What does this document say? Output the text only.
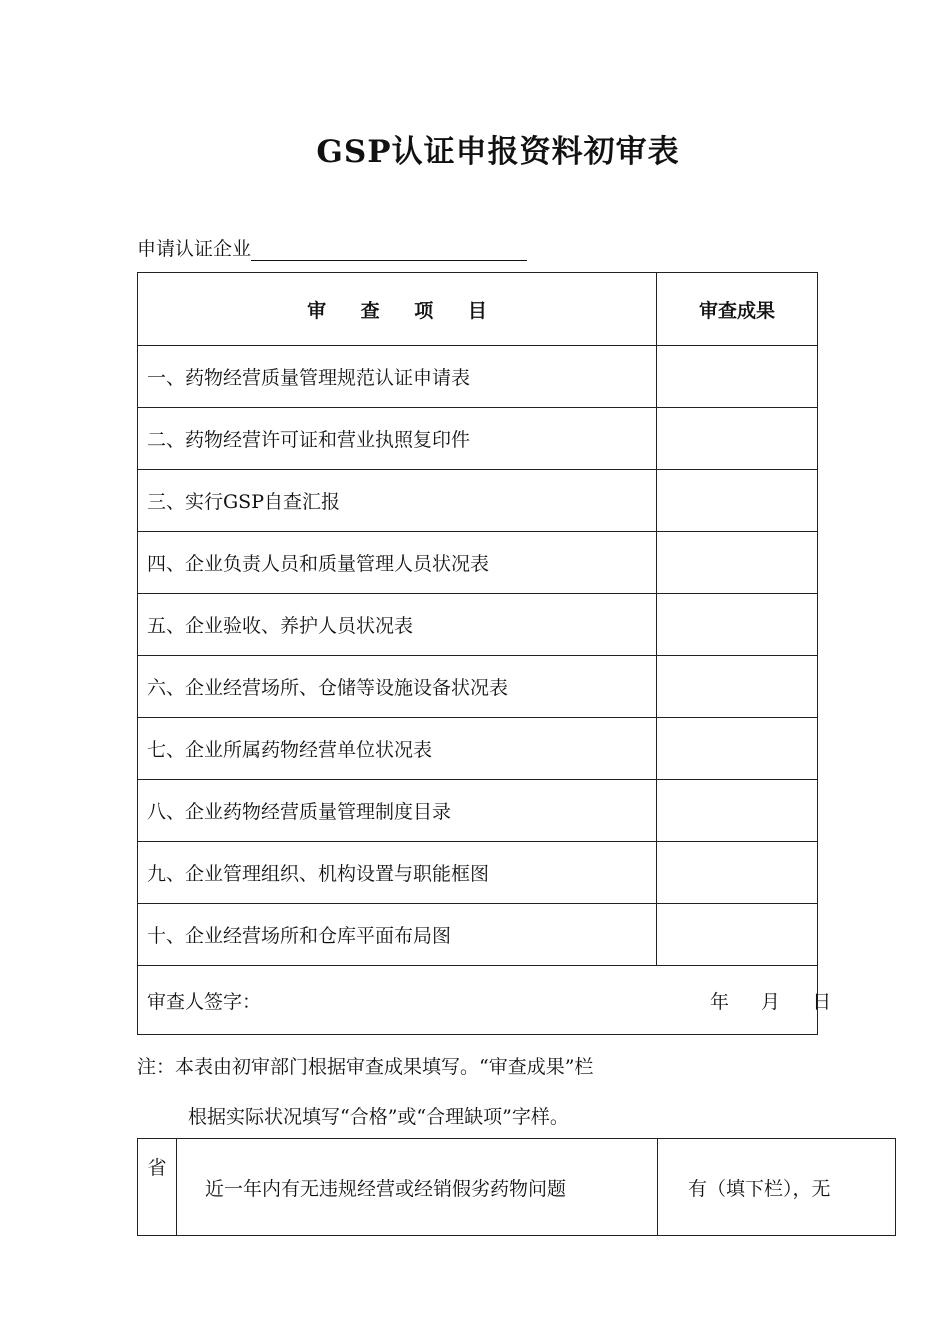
GSP认证申报资料初审表
申请认证企业
审 查 项 目	审查成果
一、药物经营质量管理规范认证申请表	
二、药物经营许可证和营业执照复印件	
三、实行GSP自查汇报	
四、企业负责人员和质量管理人员状况表	
五、企业验收、养护人员状况表	
六、企业经营场所、仓储等设施设备状况表	
七、企业所属药物经营单位状况表	
八、企业药物经营质量管理制度目录	
九、企业管理组织、机构设置与职能框图	
十、企业经营场所和仓库平面布局图	
审查人签字： 年 月 日	
注：本表由初审部门根据审查成果填写。“审查成果”栏
根据实际状况填写“合格”或“合理缺项”字样。
省	近一年内有无违规经营或经销假劣药物问题	有（填下栏），无
